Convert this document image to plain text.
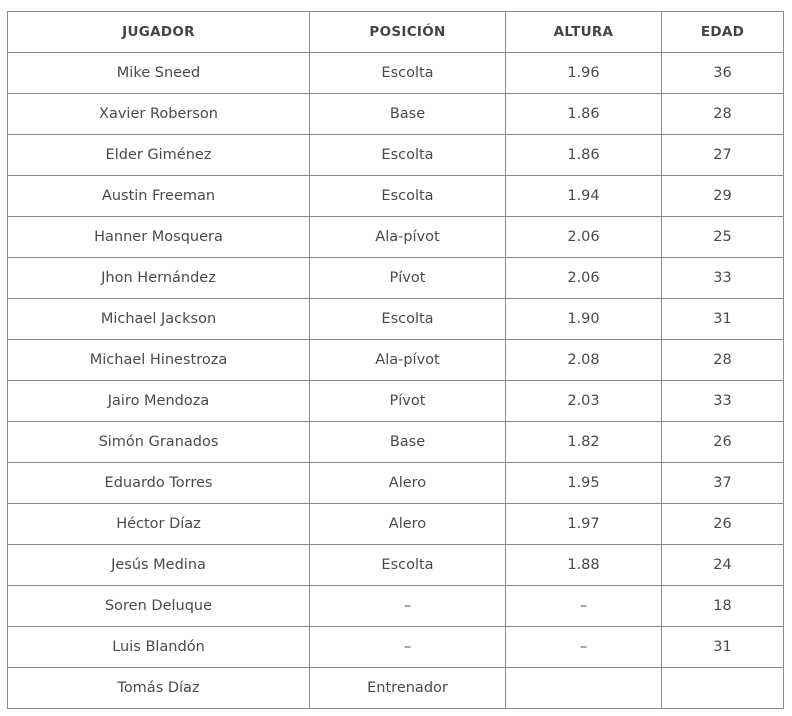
JUGADOR	POSICIÓN	ALTURA	EDAD
Mike Sneed	Escolta	1.96	36
Xavier Roberson	Base	1.86	28
Elder Giménez	Escolta	1.86	27
Austin Freeman	Escolta	1.94	29
Hanner Mosquera	Ala-pívot	2.06	25
Jhon Hernández	Pívot	2.06	33
Michael Jackson	Escolta	1.90	31
Michael Hinestroza	Ala-pívot	2.08	28
Jairo Mendoza	Pívot	2.03	33
Simón Granados	Base	1.82	26
Eduardo Torres	Alero	1.95	37
Héctor Díaz	Alero	1.97	26
Jesús Medina	Escolta	1.88	24
Soren Deluque	–	–	18
Luis Blandón	–	–	31
Tomás Díaz	Entrenador		
